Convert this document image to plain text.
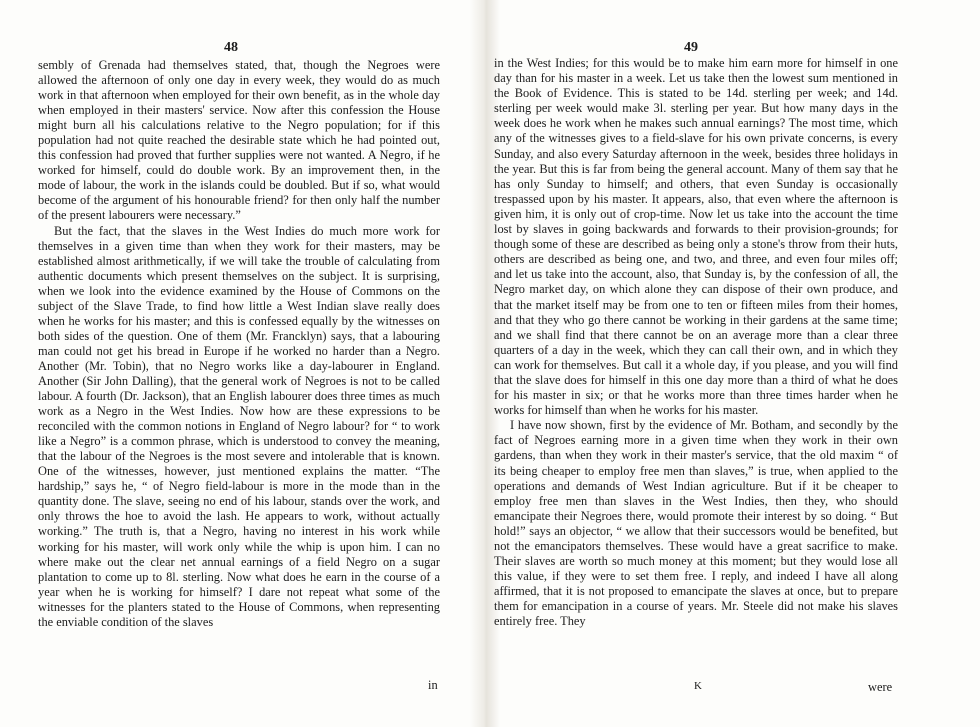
48

sembly of Grenada had themselves stated, that, though the Negroes were allowed the afternoon of only one day in every week, they would do as much work in that afternoon when employed for their own benefit, as in the whole day when employed in their masters' service. Now after this confession the House might burn all his calculations relative to the Negro population; for if this population had not quite reached the desirable state which he had pointed out, this confession had proved that further supplies were not wanted. A Negro, if he worked for himself, could do double work. By an improvement then, in the mode of labour, the work in the islands could be doubled. But if so, what would become of the argument of his honourable friend? for then only half the number of the present labourers were necessary.”

But the fact, that the slaves in the West Indies do much more work for themselves in a given time than when they work for their masters, may be established almost arithmetically, if we will take the trouble of calculating from authentic documents which present themselves on the subject. It is surprising, when we look into the evidence examined by the House of Commons on the subject of the Slave Trade, to find how little a West Indian slave really does when he works for his master; and this is confessed equally by the witnesses on both sides of the question. One of them (Mr. Francklyn) says, that a labouring man could not get his bread in Europe if he worked no harder than a Negro. Another (Mr. Tobin), that no Negro works like a day-labourer in England. Another (Sir John Dalling), that the general work of Negroes is not to be called labour. A fourth (Dr. Jackson), that an English labourer does three times as much work as a Negro in the West Indies. Now how are these expressions to be reconciled with the common notions in England of Negro labour? for “ to work like a Negro” is a common phrase, which is understood to convey the meaning, that the labour of the Negroes is the most severe and intolerable that is known. One of the witnesses, however, just mentioned explains the matter. “The hardship,” says he, “ of Negro field-labour is more in the mode than in the quantity done. The slave, seeing no end of his labour, stands over the work, and only throws the hoe to avoid the lash. He appears to work, without actually working.” The truth is, that a Negro, having no interest in his work while working for his master, will work only while the whip is upon him. I can no where make out the clear net annual earnings of a field Negro on a sugar plantation to come up to 8l. sterling. Now what does he earn in the course of a year when he is working for himself? I dare not repeat what some of the witnesses for the planters stated to the House of Commons, when representing the enviable condition of the slaves

in
49

in the West Indies; for this would be to make him earn more for himself in one day than for his master in a week. Let us take then the lowest sum mentioned in the Book of Evidence. This is stated to be 14d. sterling per week; and 14d. sterling per week would make 3l. sterling per year. But how many days in the week does he work when he makes such annual earnings? The most time, which any of the witnesses gives to a field-slave for his own private concerns, is every Sunday, and also every Saturday afternoon in the week, besides three holidays in the year. But this is far from being the general account. Many of them say that he has only Sunday to himself; and others, that even Sunday is occasionally trespassed upon by his master. It appears, also, that even where the afternoon is given him, it is only out of crop-time. Now let us take into the account the time lost by slaves in going backwards and forwards to their provision-grounds; for though some of these are described as being only a stone's throw from their huts, others are described as being one, and two, and three, and even four miles off; and let us take into the account, also, that Sunday is, by the confession of all, the Negro market day, on which alone they can dispose of their own produce, and that the market itself may be from one to ten or fifteen miles from their homes, and that they who go there cannot be working in their gardens at the same time; and we shall find that there cannot be on an average more than a clear three quarters of a day in the week, which they can call their own, and in which they can work for themselves. But call it a whole day, if you please, and you will find that the slave does for himself in this one day more than a third of what he does for his master in six; or that he works more than three times harder when he works for himself than when he works for his master.

I have now shown, first by the evidence of Mr. Botham, and secondly by the fact of Negroes earning more in a given time when they work in their own gardens, than when they work in their master's service, that the old maxim “ of its being cheaper to employ free men than slaves,” is true, when applied to the operations and demands of West Indian agriculture. But if it be cheaper to employ free men than slaves in the West Indies, then they, who should emancipate their Negroes there, would promote their interest by so doing. “ But hold!” says an objector, “ we allow that their successors would be benefited, but not the emancipators themselves. These would have a great sacrifice to make. Their slaves are worth so much money at this moment; but they would lose all this value, if they were to set them free. I reply, and indeed I have all along affirmed, that it is not proposed to emancipate the slaves at once, but to prepare them for emancipation in a course of years. Mr. Steele did not make his slaves entirely free. They

K	were
